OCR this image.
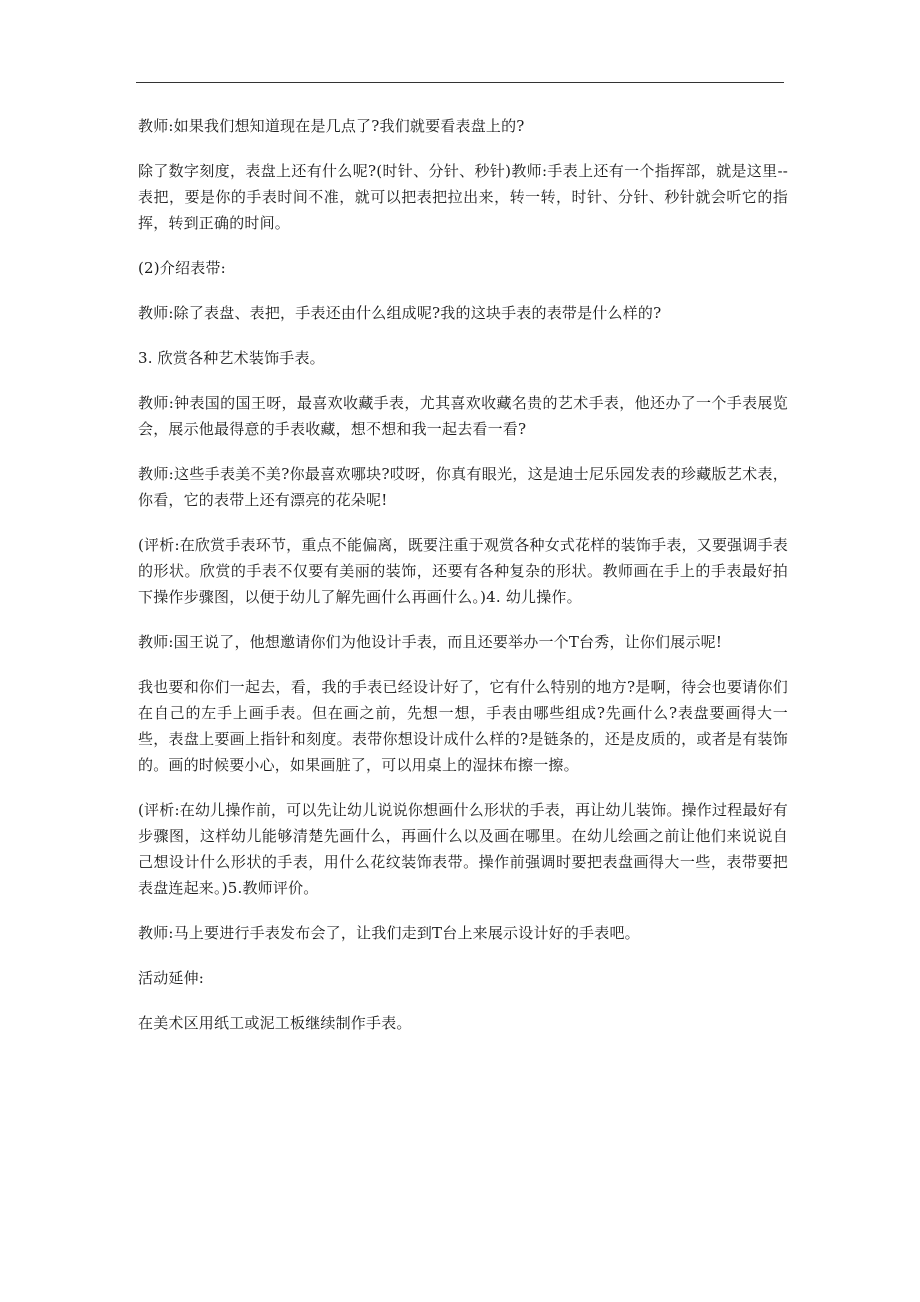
教师:如果我们想知道现在是几点了?我们就要看表盘上的?

除了数字刻度，表盘上还有什么呢?(时针、分针、秒针)教师:手表上还有一个指挥部，就是这里--表把，要是你的手表时间不准，就可以把表把拉出来，转一转，时针、分针、秒针就会听它的指挥，转到正确的时间。

(2)介绍表带:

教师:除了表盘、表把，手表还由什么组成呢?我的这块手表的表带是什么样的?

3. 欣赏各种艺术装饰手表。

教师:钟表国的国王呀，最喜欢收藏手表，尤其喜欢收藏名贵的艺术手表，他还办了一个手表展览会，展示他最得意的手表收藏，想不想和我一起去看一看?

教师:这些手表美不美?你最喜欢哪块?哎呀，你真有眼光，这是迪士尼乐园发表的珍藏版艺术表，你看，它的表带上还有漂亮的花朵呢!

(评析:在欣赏手表环节，重点不能偏离，既要注重于观赏各种女式花样的装饰手表，又要强调手表的形状。欣赏的手表不仅要有美丽的装饰，还要有各种复杂的形状。教师画在手上的手表最好拍下操作步骤图，以便于幼儿了解先画什么再画什么。)4. 幼儿操作。

教师:国王说了，他想邀请你们为他设计手表，而且还要举办一个T台秀，让你们展示呢!

我也要和你们一起去，看，我的手表已经设计好了，它有什么特别的地方?是啊，待会也要请你们在自己的左手上画手表。但在画之前，先想一想，手表由哪些组成?先画什么?表盘要画得大一些，表盘上要画上指针和刻度。表带你想设计成什么样的?是链条的，还是皮质的，或者是有装饰的。画的时候要小心，如果画脏了，可以用桌上的湿抹布擦一擦。

(评析:在幼儿操作前，可以先让幼儿说说你想画什么形状的手表，再让幼儿装饰。操作过程最好有步骤图，这样幼儿能够清楚先画什么，再画什么以及画在哪里。在幼儿绘画之前让他们来说说自己想设计什么形状的手表，用什么花纹装饰表带。操作前强调时要把表盘画得大一些，表带要把表盘连起来。)5.教师评价。

教师:马上要进行手表发布会了，让我们走到T台上来展示设计好的手表吧。

活动延伸:

在美术区用纸工或泥工板继续制作手表。
